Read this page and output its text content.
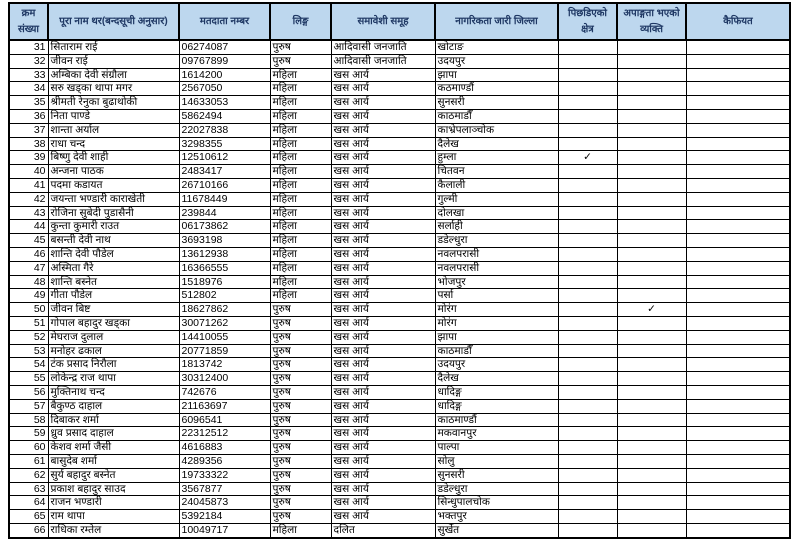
क्रम संख्या	पूरा नाम थर(बन्दसूची अनुसार)	मतदाता नम्बर	लिङ्ग	समावेशी समूह	नागरिकता जारी जिल्ला	पिछडिएको क्षेत्र	अपाङ्गता भएको व्यक्ति	कैफियत
31	सिताराम राई	06274087	पुरुष	आदिवासी जनजाति	खोटाङ			
32	जीवन राई	09767899	पुरुष	आदिवासी जनजाति	उदयपुर			
33	अम्बिका देवी संग्रौला	1614200	महिला	खस आर्य	झापा			
34	सरु खड्का थापा मगर	2567050	महिला	खस आर्य	कठमाण्डौं			
35	श्रीमती रेनुका बुढाथोकी	14633053	महिला	खस आर्य	सुनसरी			
36	निता पाण्डे	5862494	महिला	खस आर्य	काठमाडौँ			
37	शान्ता अर्याल	22027838	महिला	खस आर्य	काभ्रेपलाञ्चोक			
38	राधा चन्द	3298355	महिला	खस आर्य	दैलेख			
39	बिष्णु देवी शाही	12510612	महिला	खस आर्य	हुम्ला	✓		
40	अन्जना पाठक	2483417	महिला	खस आर्य	चितवन			
41	पदमा कडायत	26710166	महिला	खस आर्य	कैलाली			
42	जयन्ता भण्डारी काराखेती	11678449	महिला	खस आर्य	गुल्मी			
43	रोजिना सुबेदी पुडासैनी	239844	महिला	खस आर्य	दोलखा			
44	कुन्ता कुमारी राउत	06173862	महिला	खस आर्य	सर्लाही			
45	बसन्ती देवी नाथ	3693198	महिला	खस आर्य	डडेल्धुरा			
46	शान्ति देवी पौडेल	13612938	महिला	खस आर्य	नवलपरासी			
47	अस्मिता गैरे	16366555	महिला	खस आर्य	नवलपरासी			
48	शान्ति बस्नेत	1518976	महिला	खस आर्य	भोजपुर			
49	गीता पौडेल	512802	महिला	खस आर्य	पर्सा			
50	जीवन बिष्ट	18627862	पुरुष	खस आर्य	मोरंग		✓	
51	गोपाल बहादुर खड्का	30071262	पुरुष	खस आर्य	मोरंग			
52	मेघराज दुलाल	14410055	पुरुष	खस आर्य	झापा			
53	मनोहर ढकाल	20771859	पुरुष	खस आर्य	काठमाडौँ			
54	टंक प्रसाद निरौला	1813742	पुरुष	खस आर्य	उदयपुर			
55	लोकेन्द्र राज थापा	30312400	पुरुष	खस आर्य	दैलेख			
56	मुक्तिनाथ चन्द	742676	पुरुष	खस आर्य	धादिङ्ग			
57	बैकुण्ठ दाहाल	21163697	पुरुष	खस आर्य	धादिङ्ग			
58	दिबाकर शर्मा	6096541	पुरुष	खस आर्य	काठमाण्डौं			
59	ध्रुव प्रसाद दाहाल	22312512	पुरुष	खस आर्य	मकवानपुर			
60	केशव शर्मा जैसी	4616883	पुरुष	खस आर्य	पाल्पा			
61	बासुदेब शर्मा	4289356	पुरुष	खस आर्य	सोलु			
62	सुर्य बहादुर बस्नेत	19733322	पुरुष	खस आर्य	सुनसरी			
63	प्रकाश बहादुर साउद	3567877	पुरुष	खस आर्य	डडेल्धुरा			
64	राजन भण्डारी	24045873	पुरुष	खस आर्य	सिन्धुपालचोक			
65	राम थापा	5392184	पुरुष	खस आर्य	भक्तपुर			
66	राधिका रम्तेल	10049717	महिला	दलित	सुर्खेत			
